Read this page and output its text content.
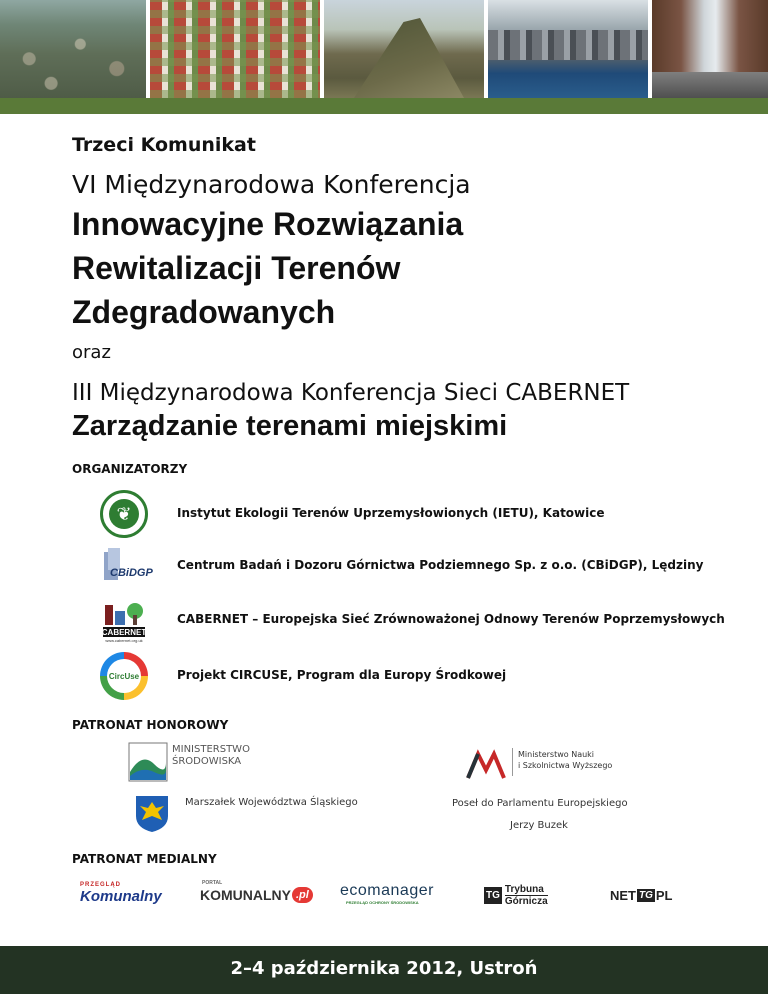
Trzeci Komunikat
VI Międzynarodowa Konferencja
Innowacyjne Rozwiązania
Rewitalizacji Terenów
Zdegradowanych
oraz
III Międzynarodowa Konferencja Sieci CABERNET
Zarządzanie terenami miejskimi
ORGANIZATORZY
❦	Instytut Ekologii Terenów Uprzemysłowionych (IETU), Katowice
CBiDGP
Centrum Badań i Dozoru Górnictwa Podziemnego Sp. z o.o. (CBiDGP), Lędziny
CABERNET
www.cabernet.org.uk
CABERNET – Europejska Sieć Zrównoważonej Odnowy Terenów Poprzemysłowych
CircUse	Projekt CIRCUSE, Program dla Europy Środkowej
PATRONAT HONOROWY
MINISTERSTWO
ŚRODOWISKA
Ministerstwo Nauki
i Szkolnictwa Wyższego
Marszałek Województwa Śląskiego	Poseł do Parlamentu Europejskiego
Jerzy Buzek
PATRONAT MEDIALNY
PRZEGLĄD
Komunalny
PORTAL
KOMUNALNY .pl ecomanager
PRZEGLĄD OCHRONY ŚRODOWISKA
TG
Trybuna
Górnicza	NET TG PL
2–4 października 2012, Ustroń
